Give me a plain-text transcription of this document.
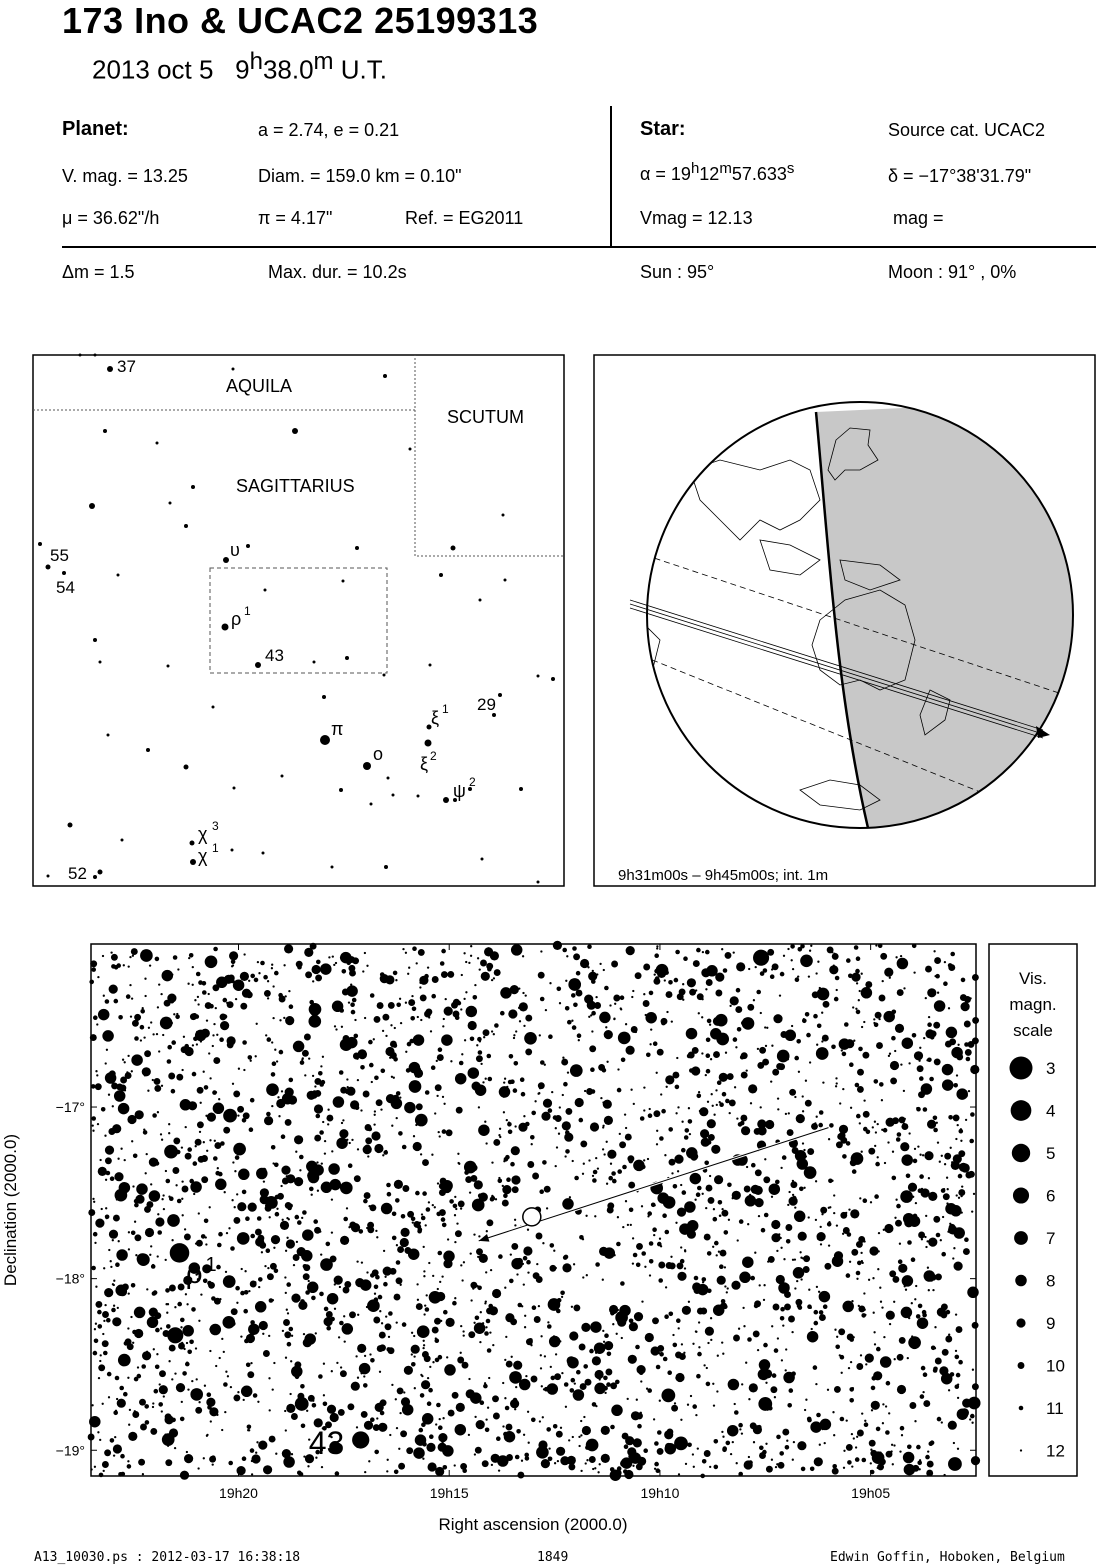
173 Ino & UCAC2 25199313
2013 oct 5 9$^h$38.0$^m$ U.T.
Planet:	a = 2.74, e = 0.21
V. mag. = 13.25	Diam. = 159.0 km = 0.10"
μ = 36.62"/h	π = 4.17"	Ref. = EG2011
Star:	Source cat. UCAC2
$\alpha = 19^h12^m57.633^s$	δ = −17°38'31.79"
Vmag = 12.13	mag =
Δm = 1.5	Max. dur. = 10.2s	Sun : 95°	Moon : 91° , 0%
AQUILA
SCUTUM
SAGITTARIUS
37
55
54
43
29
52
υ
ρ 1
π
o
ξ 1
ξ 2
ψ 2
χ 3
χ 1
9h31m00s – 9h45m00s; int. 1m
19h20	19h15	19h10	19h05
−17°
−18°
−19°
Right ascension (2000.0)
Declination (2000.0)	ρ 1
43
Vis.
magn.
scale
3
4
5
6
7
8
9
10
11
12
A13_10030.ps : 2012-03-17 16:38:18	1849	Edwin Goffin, Hoboken, Belgium
